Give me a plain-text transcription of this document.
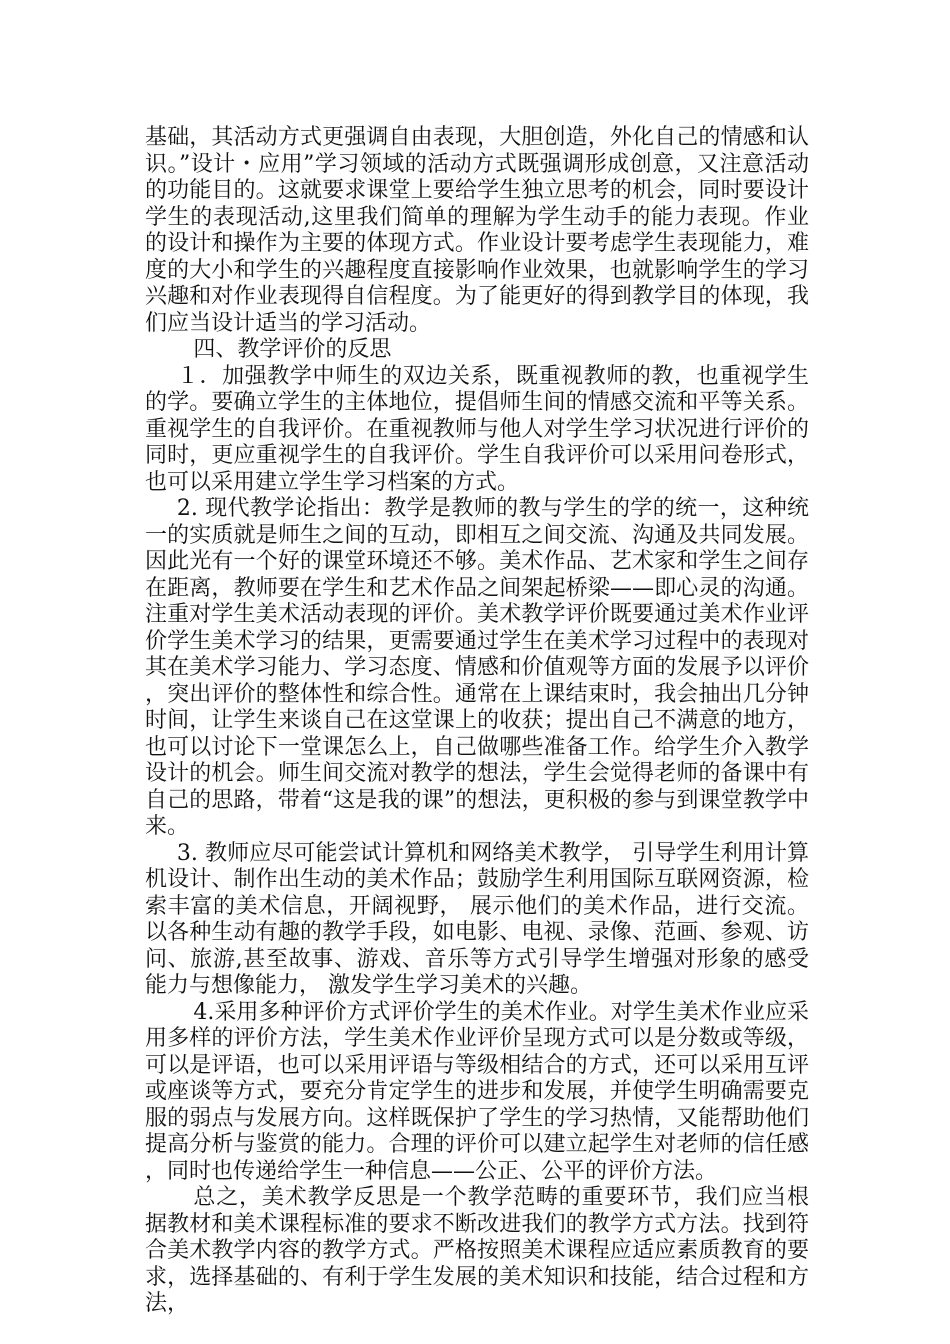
基础，其活动方式更强调自由表现，大胆创造，外化自己的情感和认识。”设计・应用”学习领域的活动方式既强调形成创意，又注意活动的功能目的。这就要求课堂上要给学生独立思考的机会，同时要设计学生的表现活动,这里我们简单的理解为学生动手的能力表现。作业的设计和操作为主要的体现方式。作业设计要考虑学生表现能力，难度的大小和学生的兴趣程度直接影响作业效果，也就影响学生的学习兴趣和对作业表现得自信程度。为了能更好的得到教学目的体现，我们应当设计适当的学习活动。

四、教学评价的反思

１．加强教学中师生的双边关系，既重视教师的教，也重视学生的学。要确立学生的主体地位，提倡师生间的情感交流和平等关系。重视学生的自我评价。在重视教师与他人对学生学习状况进行评价的同时，更应重视学生的自我评价。学生自我评价可以采用问卷形式，也可以采用建立学生学习档案的方式。

2. 现代教学论指出：教学是教师的教与学生的学的统一，这种统一的实质就是师生之间的互动，即相互之间交流、沟通及共同发展。因此光有一个好的课堂环境还不够。美术作品、艺术家和学生之间存在距离，教师要在学生和艺术作品之间架起桥梁——即心灵的沟通。注重对学生美术活动表现的评价。美术教学评价既要通过美术作业评价学生美术学习的结果，更需要通过学生在美术学习过程中的表现对其在美术学习能力、学习态度、情感和价值观等方面的发展予以评价，突出评价的整体性和综合性。通常在上课结束时，我会抽出几分钟时间，让学生来谈自己在这堂课上的收获；提出自己不满意的地方，也可以讨论下一堂课怎么上，自己做哪些准备工作。给学生介入教学设计的机会。师生间交流对教学的想法，学生会觉得老师的备课中有自己的思路，带着“这是我的课”的想法，更积极的参与到课堂教学中来。

3. 教师应尽可能尝试计算机和网络美术教学， 引导学生利用计算机设计、制作出生动的美术作品；鼓励学生利用国际互联网资源，检索丰富的美术信息，开阔视野， 展示他们的美术作品，进行交流。以各种生动有趣的教学手段，如电影、电视、录像、范画、参观、访问、旅游,甚至故事、游戏、音乐等方式引导学生增强对形象的感受能力与想像能力， 激发学生学习美术的兴趣。

4.采用多种评价方式评价学生的美术作业。对学生美术作业应采用多样的评价方法，学生美术作业评价呈现方式可以是分数或等级，可以是评语，也可以采用评语与等级相结合的方式，还可以采用互评或座谈等方式，要充分肯定学生的进步和发展，并使学生明确需要克服的弱点与发展方向。这样既保护了学生的学习热情，又能帮助他们提高分析与鉴赏的能力。合理的评价可以建立起学生对老师的信任感，同时也传递给学生一种信息——公正、公平的评价方法。

总之，美术教学反思是一个教学范畴的重要环节，我们应当根据教材和美术课程标准的要求不断改进我们的教学方式方法。找到符合美术教学内容的教学方式。严格按照美术课程应适应素质教育的要求，选择基础的、有利于学生发展的美术知识和技能，结合过程和方法，
